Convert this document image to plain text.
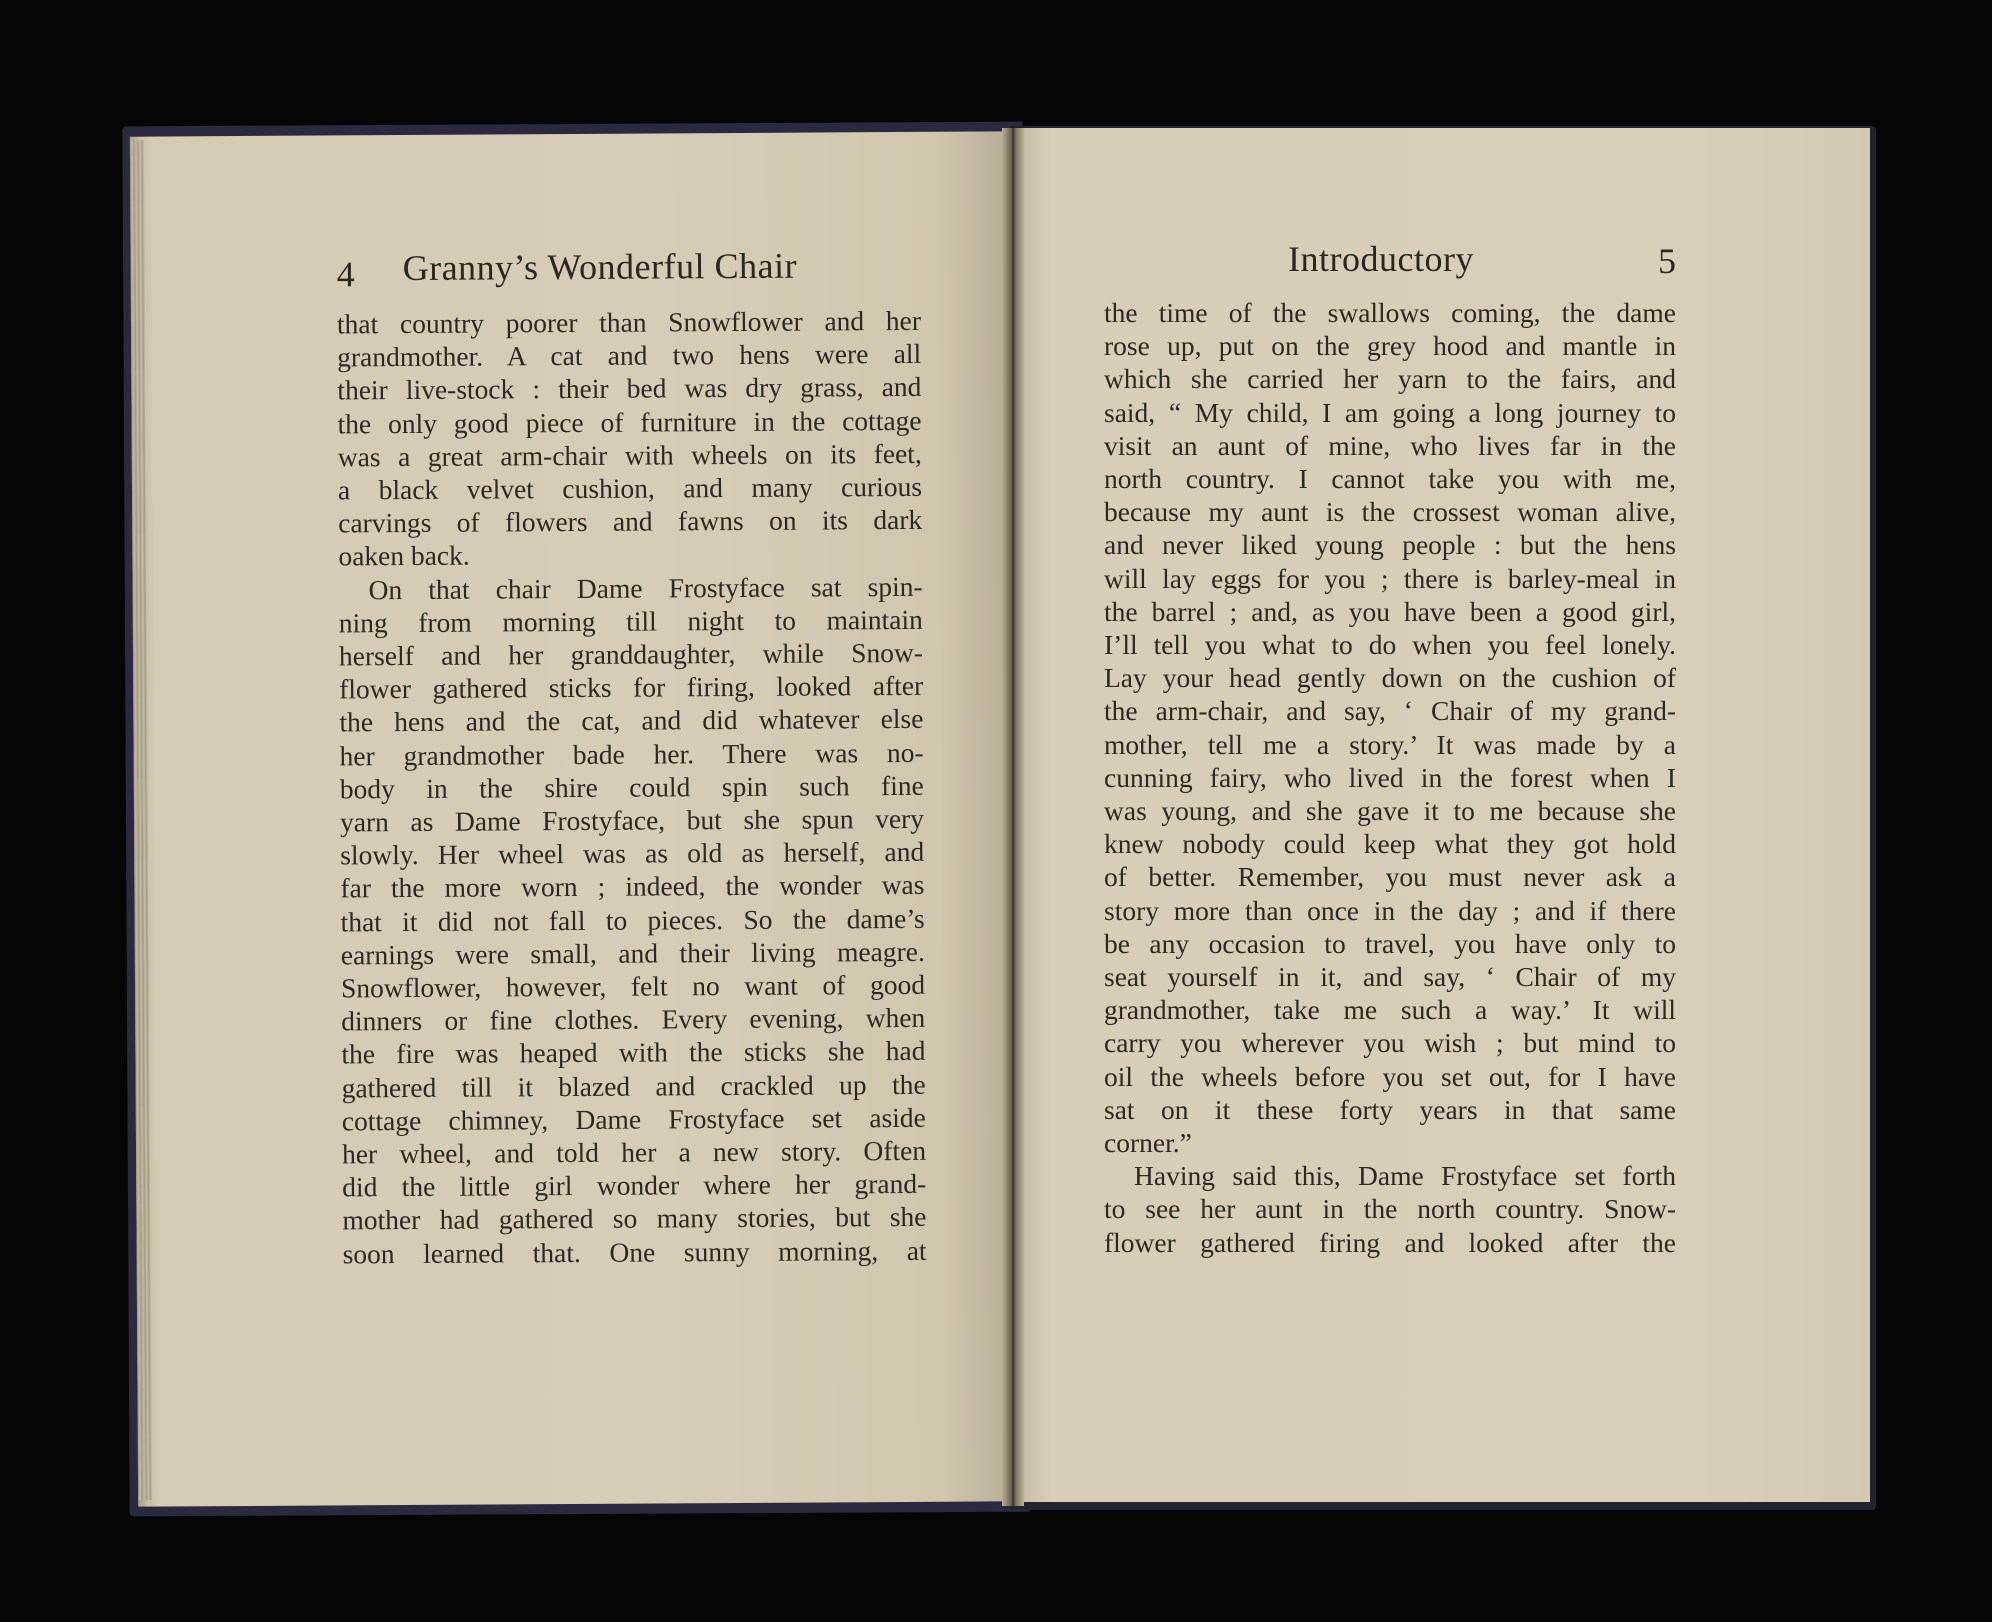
4 Granny’s Wonderful Chair

that country poorer than Snowflower and her

grandmother. A cat and two hens were all

their live-stock : their bed was dry grass, and

the only good piece of furniture in the cottage

was a great arm-chair with wheels on its feet,

a black velvet cushion, and many curious

carvings of flowers and fawns on its dark

oaken back.

On that chair Dame Frostyface sat spin-

ning from morning till night to maintain

herself and her granddaughter, while Snow-

flower gathered sticks for firing, looked after

the hens and the cat, and did whatever else

her grandmother bade her. There was no-

body in the shire could spin such fine

yarn as Dame Frostyface, but she spun very

slowly. Her wheel was as old as herself, and

far the more worn ; indeed, the wonder was

that it did not fall to pieces. So the dame’s

earnings were small, and their living meagre.

Snowflower, however, felt no want of good

dinners or fine clothes. Every evening, when

the fire was heaped with the sticks she had

gathered till it blazed and crackled up the

cottage chimney, Dame Frostyface set aside

her wheel, and told her a new story. Often

did the little girl wonder where her grand-

mother had gathered so many stories, but she

soon learned that. One sunny morning, at

Introductory	5

the time of the swallows coming, the dame

rose up, put on the grey hood and mantle in

which she carried her yarn to the fairs, and

said, “ My child, I am going a long journey to

visit an aunt of mine, who lives far in the

north country. I cannot take you with me,

because my aunt is the crossest woman alive,

and never liked young people : but the hens

will lay eggs for you ; there is barley-meal in

the barrel ; and, as you have been a good girl,

I’ll tell you what to do when you feel lonely.

Lay your head gently down on the cushion of

the arm-chair, and say, ‘ Chair of my grand-

mother, tell me a story.’ It was made by a

cunning fairy, who lived in the forest when I

was young, and she gave it to me because she

knew nobody could keep what they got hold

of better. Remember, you must never ask a

story more than once in the day ; and if there

be any occasion to travel, you have only to

seat yourself in it, and say, ‘ Chair of my

grandmother, take me such a way.’ It will

carry you wherever you wish ; but mind to

oil the wheels before you set out, for I have

sat on it these forty years in that same

corner.”

Having said this, Dame Frostyface set forth

to see her aunt in the north country. Snow-

flower gathered firing and looked after the
